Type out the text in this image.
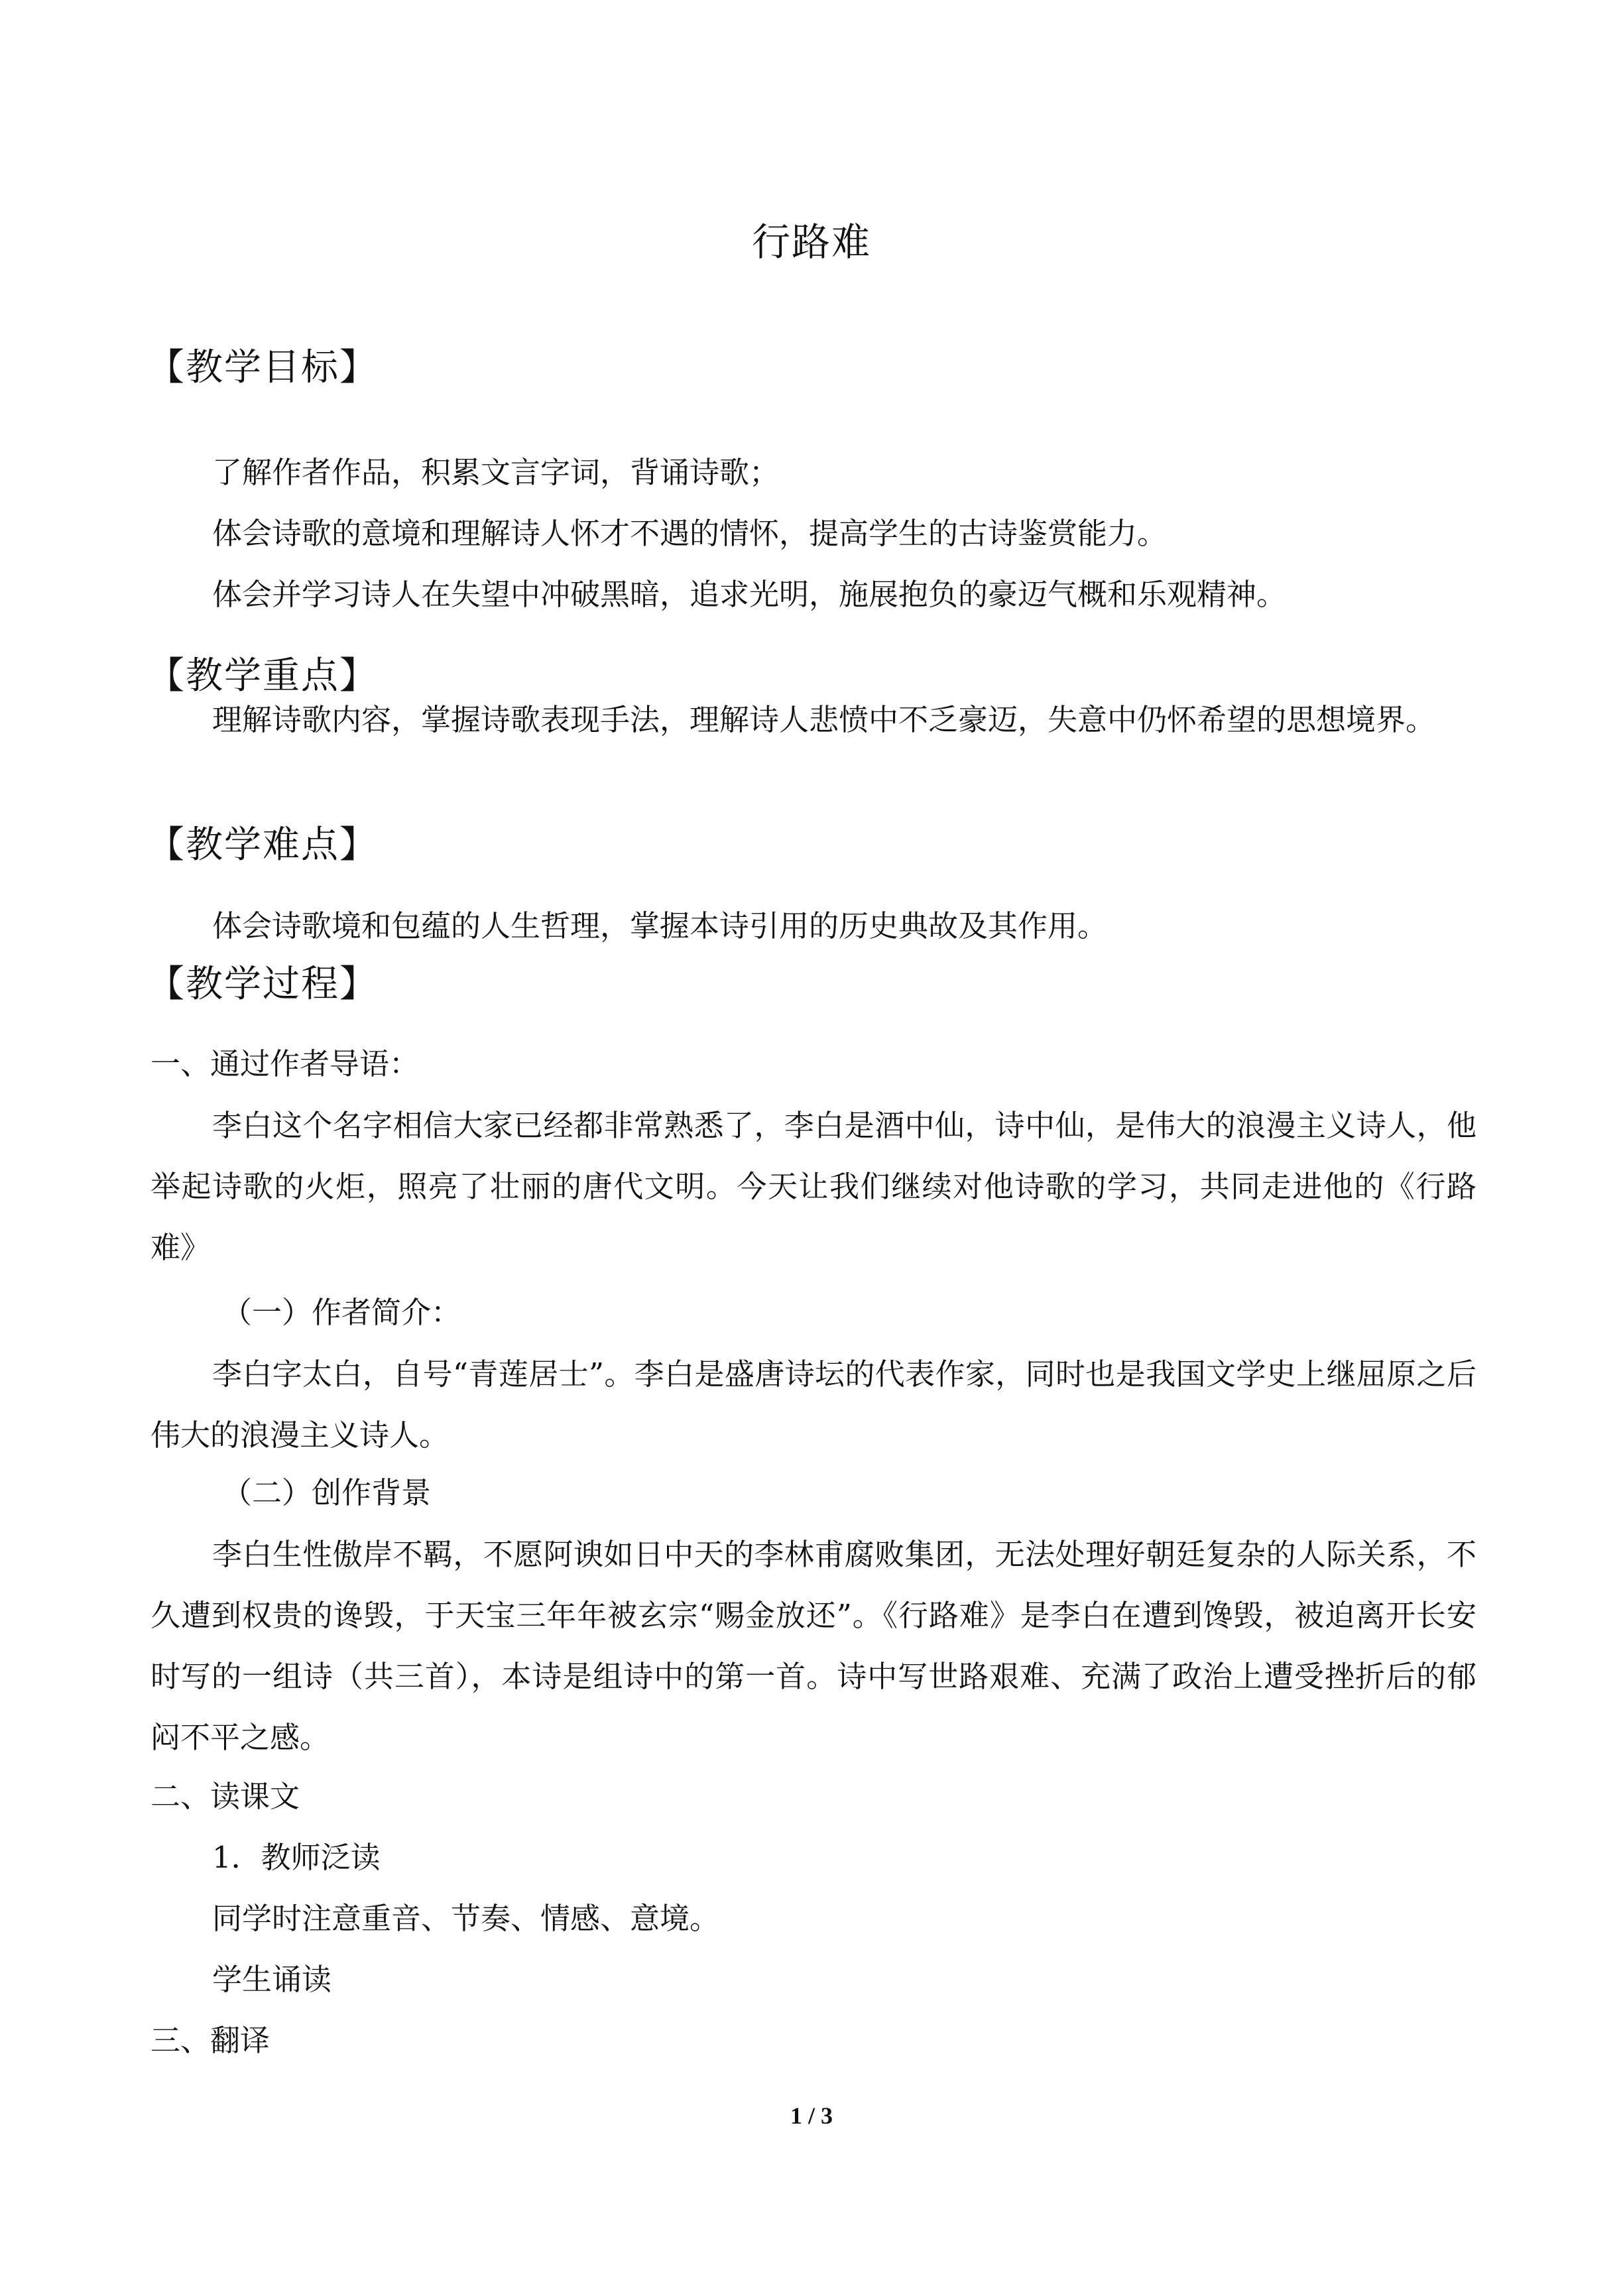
行路难
【教学目标】
了解作者作品，积累文言字词，背诵诗歌；
体会诗歌的意境和理解诗人怀才不遇的情怀，提高学生的古诗鉴赏能力。
体会并学习诗人在失望中冲破黑暗，追求光明，施展抱负的豪迈气概和乐观精神。
【教学重点】
理解诗歌内容，掌握诗歌表现手法，理解诗人悲愤中不乏豪迈，失意中仍怀希望的思想境界。
【教学难点】
体会诗歌境和包蕴的人生哲理，掌握本诗引用的历史典故及其作用。
【教学过程】
一、通过作者导语：
李白这个名字相信大家已经都非常熟悉了，李白是酒中仙，诗中仙，是伟大的浪漫主义诗人，他举起诗歌的火炬，照亮了壮丽的唐代文明。今天让我们继续对他诗歌的学习，共同走进他的《行路难》
（一）作者简介：
李白字太白，自号“青莲居士”。李白是盛唐诗坛的代表作家，同时也是我国文学史上继屈原之后伟大的浪漫主义诗人。
（二）创作背景
李白生性傲岸不羁，不愿阿谀如日中天的李林甫腐败集团，无法处理好朝廷复杂的人际关系，不久遭到权贵的谗毁，于天宝三年年被玄宗“赐金放还”。《行路难》是李白在遭到馋毁，被迫离开长安时写的一组诗（共三首），本诗是组诗中的第一首。诗中写世路艰难、充满了政治上遭受挫折后的郁闷不平之感。
二、读课文
1．教师泛读
同学时注意重音、节奏、情感、意境。
学生诵读
三、翻译
1 / 3
